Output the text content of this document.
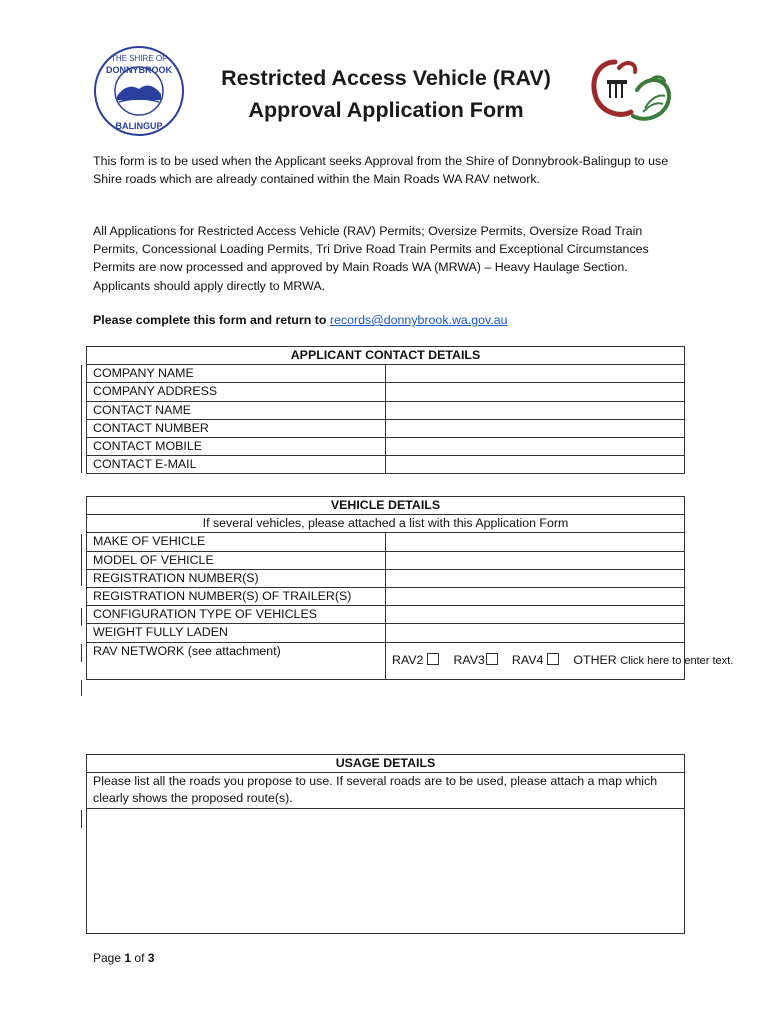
THE SHIRE OF
DONNYBROOK
BALINGUP
Restricted Access Vehicle (RAV)
Approval Application Form
This form is to be used when the Applicant seeks Approval from the Shire of Donnybrook-Balingup to use Shire roads which are already contained within the Main Roads WA RAV network.
All Applications for Restricted Access Vehicle (RAV) Permits; Oversize Permits, Oversize Road Train Permits, Concessional Loading Permits, Tri Drive Road Train Permits and Exceptional Circumstances Permits are now processed and approved by Main Roads WA (MRWA) – Heavy Haulage Section. Applicants should apply directly to MRWA.
Please complete this form and return to records@donnybrook.wa.gov.au
APPLICANT CONTACT DETAILS	
COMPANY NAME	
COMPANY ADDRESS	
CONTACT NAME	
CONTACT NUMBER	
CONTACT MOBILE	
CONTACT E-MAIL	
VEHICLE DETAILS	
If several vehicles, please attached a list with this Application Form	
MAKE OF VEHICLE	
MODEL OF VEHICLE	
REGISTRATION NUMBER(S)	
REGISTRATION NUMBER(S) OF TRAILER(S)	
CONFIGURATION TYPE OF VEHICLES	
WEIGHT FULLY LADEN	
RAV NETWORK (see attachment)	RAV2 RAV3 RAV4 OTHER Click here to enter text.
USAGE DETAILS
Please list all the roads you propose to use. If several roads are to be used, please attach a map which clearly shows the proposed route(s).

Page 1 of 3
